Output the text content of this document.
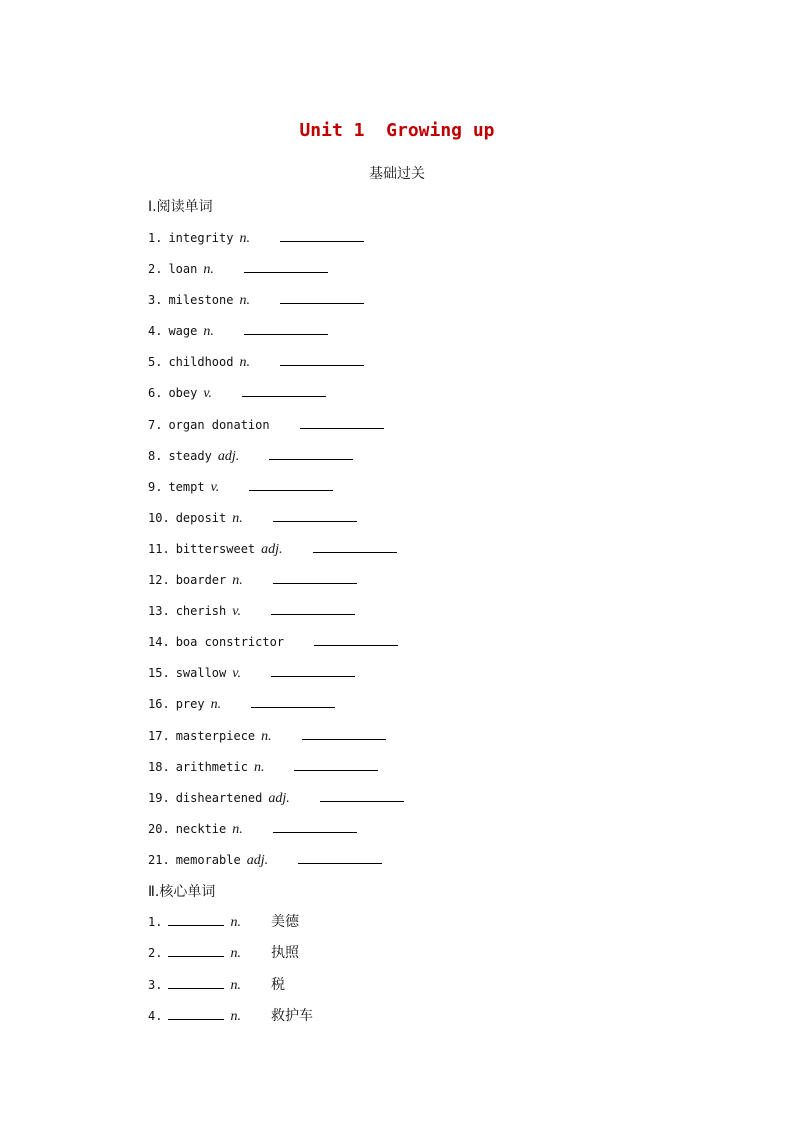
Unit 1  Growing up
基础过关
Ⅰ.阅读单词
1. integrity n.
2. loan n.
3. milestone n.
4. wage n.
5. childhood n.
6. obey v.
7. organ donation
8. steady adj.
9. tempt v.
10. deposit n.
11. bittersweet adj.
12. boarder n.
13. cherish v.
14. boa constrictor
15. swallow v.
16. prey n.
17. masterpiece n.
18. arithmetic n.
19. disheartened adj.
20. necktie n.
21. memorable adj.
Ⅱ.核心单词
1.	n. 美德
2.	n. 执照
3.	n. 税
4.	n. 救护车
